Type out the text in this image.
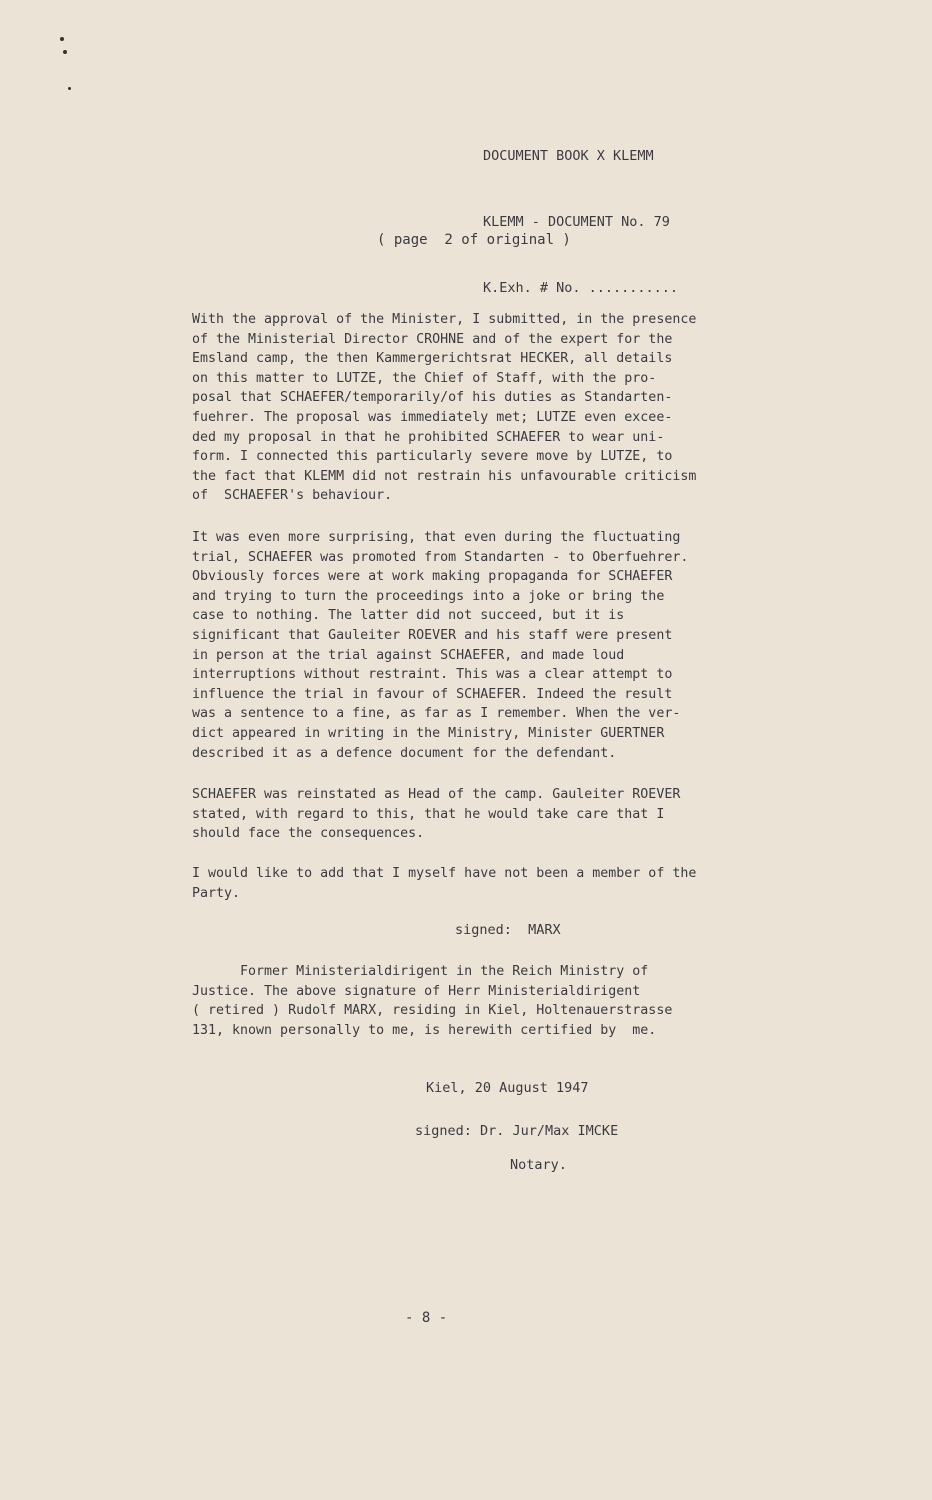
DOCUMENT BOOK X KLEMM

KLEMM - DOCUMENT No. 79

K.Exh. # No. ...........

( page  2 of original )
With the approval of the Minister, I submitted, in the presence
of the Ministerial Director CROHNE and of the expert for the
Emsland camp, the then Kammergerichtsrat HECKER, all details
on this matter to LUTZE, the Chief of Staff, with the pro-
posal that SCHAEFER/temporarily/of his duties as Standarten-
fuehrer. The proposal was immediately met; LUTZE even excee-
ded my proposal in that he prohibited SCHAEFER to wear uni-
form. I connected this particularly severe move by LUTZE, to
the fact that KLEMM did not restrain his unfavourable criticism
of  SCHAEFER's behaviour.
It was even more surprising, that even during the fluctuating
trial, SCHAEFER was promoted from Standarten - to Oberfuehrer.
Obviously forces were at work making propaganda for SCHAEFER
and trying to turn the proceedings into a joke or bring the
case to nothing. The latter did not succeed, but it is
significant that Gauleiter ROEVER and his staff were present
in person at the trial against SCHAEFER, and made loud
interruptions without restraint. This was a clear attempt to
influence the trial in favour of SCHAEFER. Indeed the result
was a sentence to a fine, as far as I remember. When the ver-
dict appeared in writing in the Ministry, Minister GUERTNER
described it as a defence document for the defendant.
SCHAEFER was reinstated as Head of the camp. Gauleiter ROEVER
stated, with regard to this, that he would take care that I
should face the consequences.
I would like to add that I myself have not been a member of the
Party.
signed:  MARX
Former Ministerialdirigent in the Reich Ministry of
Justice. The above signature of Herr Ministerialdirigent
( retired ) Rudolf MARX, residing in Kiel, Holtenauerstrasse
131, known personally to me, is herewith certified by  me.
Kiel, 20 August 1947
signed: Dr. Jur/Max IMCKE
Notary.
- 8 -
